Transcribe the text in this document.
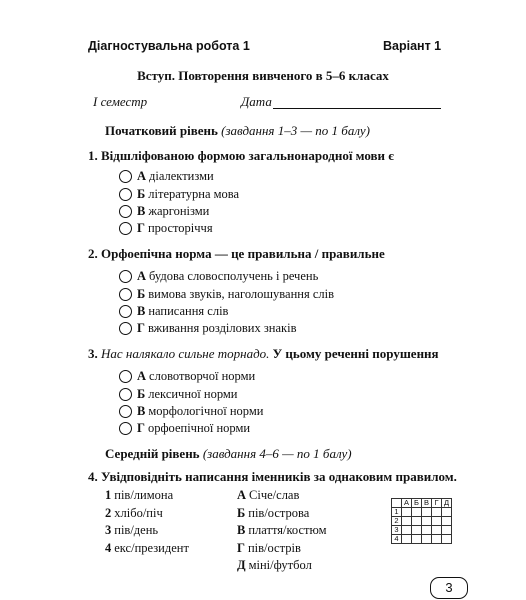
Діагностувальна робота 1	Варіант 1
Вступ. Повторення вивченого в 5–6 класах
І семестр	Дата
Початковий рівень (завдання 1–3 — по 1 балу)
1. Відшліфованою формою загальнонародної мови є
А діалектизми
Б літературна мова
В жаргонізми
Г просторіччя
2. Орфоепічна норма — це правильна / правильне
А будова словосполучень і речень
Б вимова звуків, наголошування слів
В написання слів
Г вживання розділових знаків
3. Нас налякало сильне торнадо. У цьому реченні порушення
А словотворчої норми
Б лексичної норми
В морфологічної норми
Г орфоепічної норми
Середній рівень (завдання 4–6 — по 1 балу)
4. Увідповідніть написання іменників за однаковим правилом.
1 пів/лимона
2 хлібо/піч
3 пів/день
4 екс/президент
А Січе/слав
Б пів/острова
В плаття/костюм
Г пів/острів
Д міні/футбол
	А	Б	В	Г	Д
1					
2					
3					
4					
3
